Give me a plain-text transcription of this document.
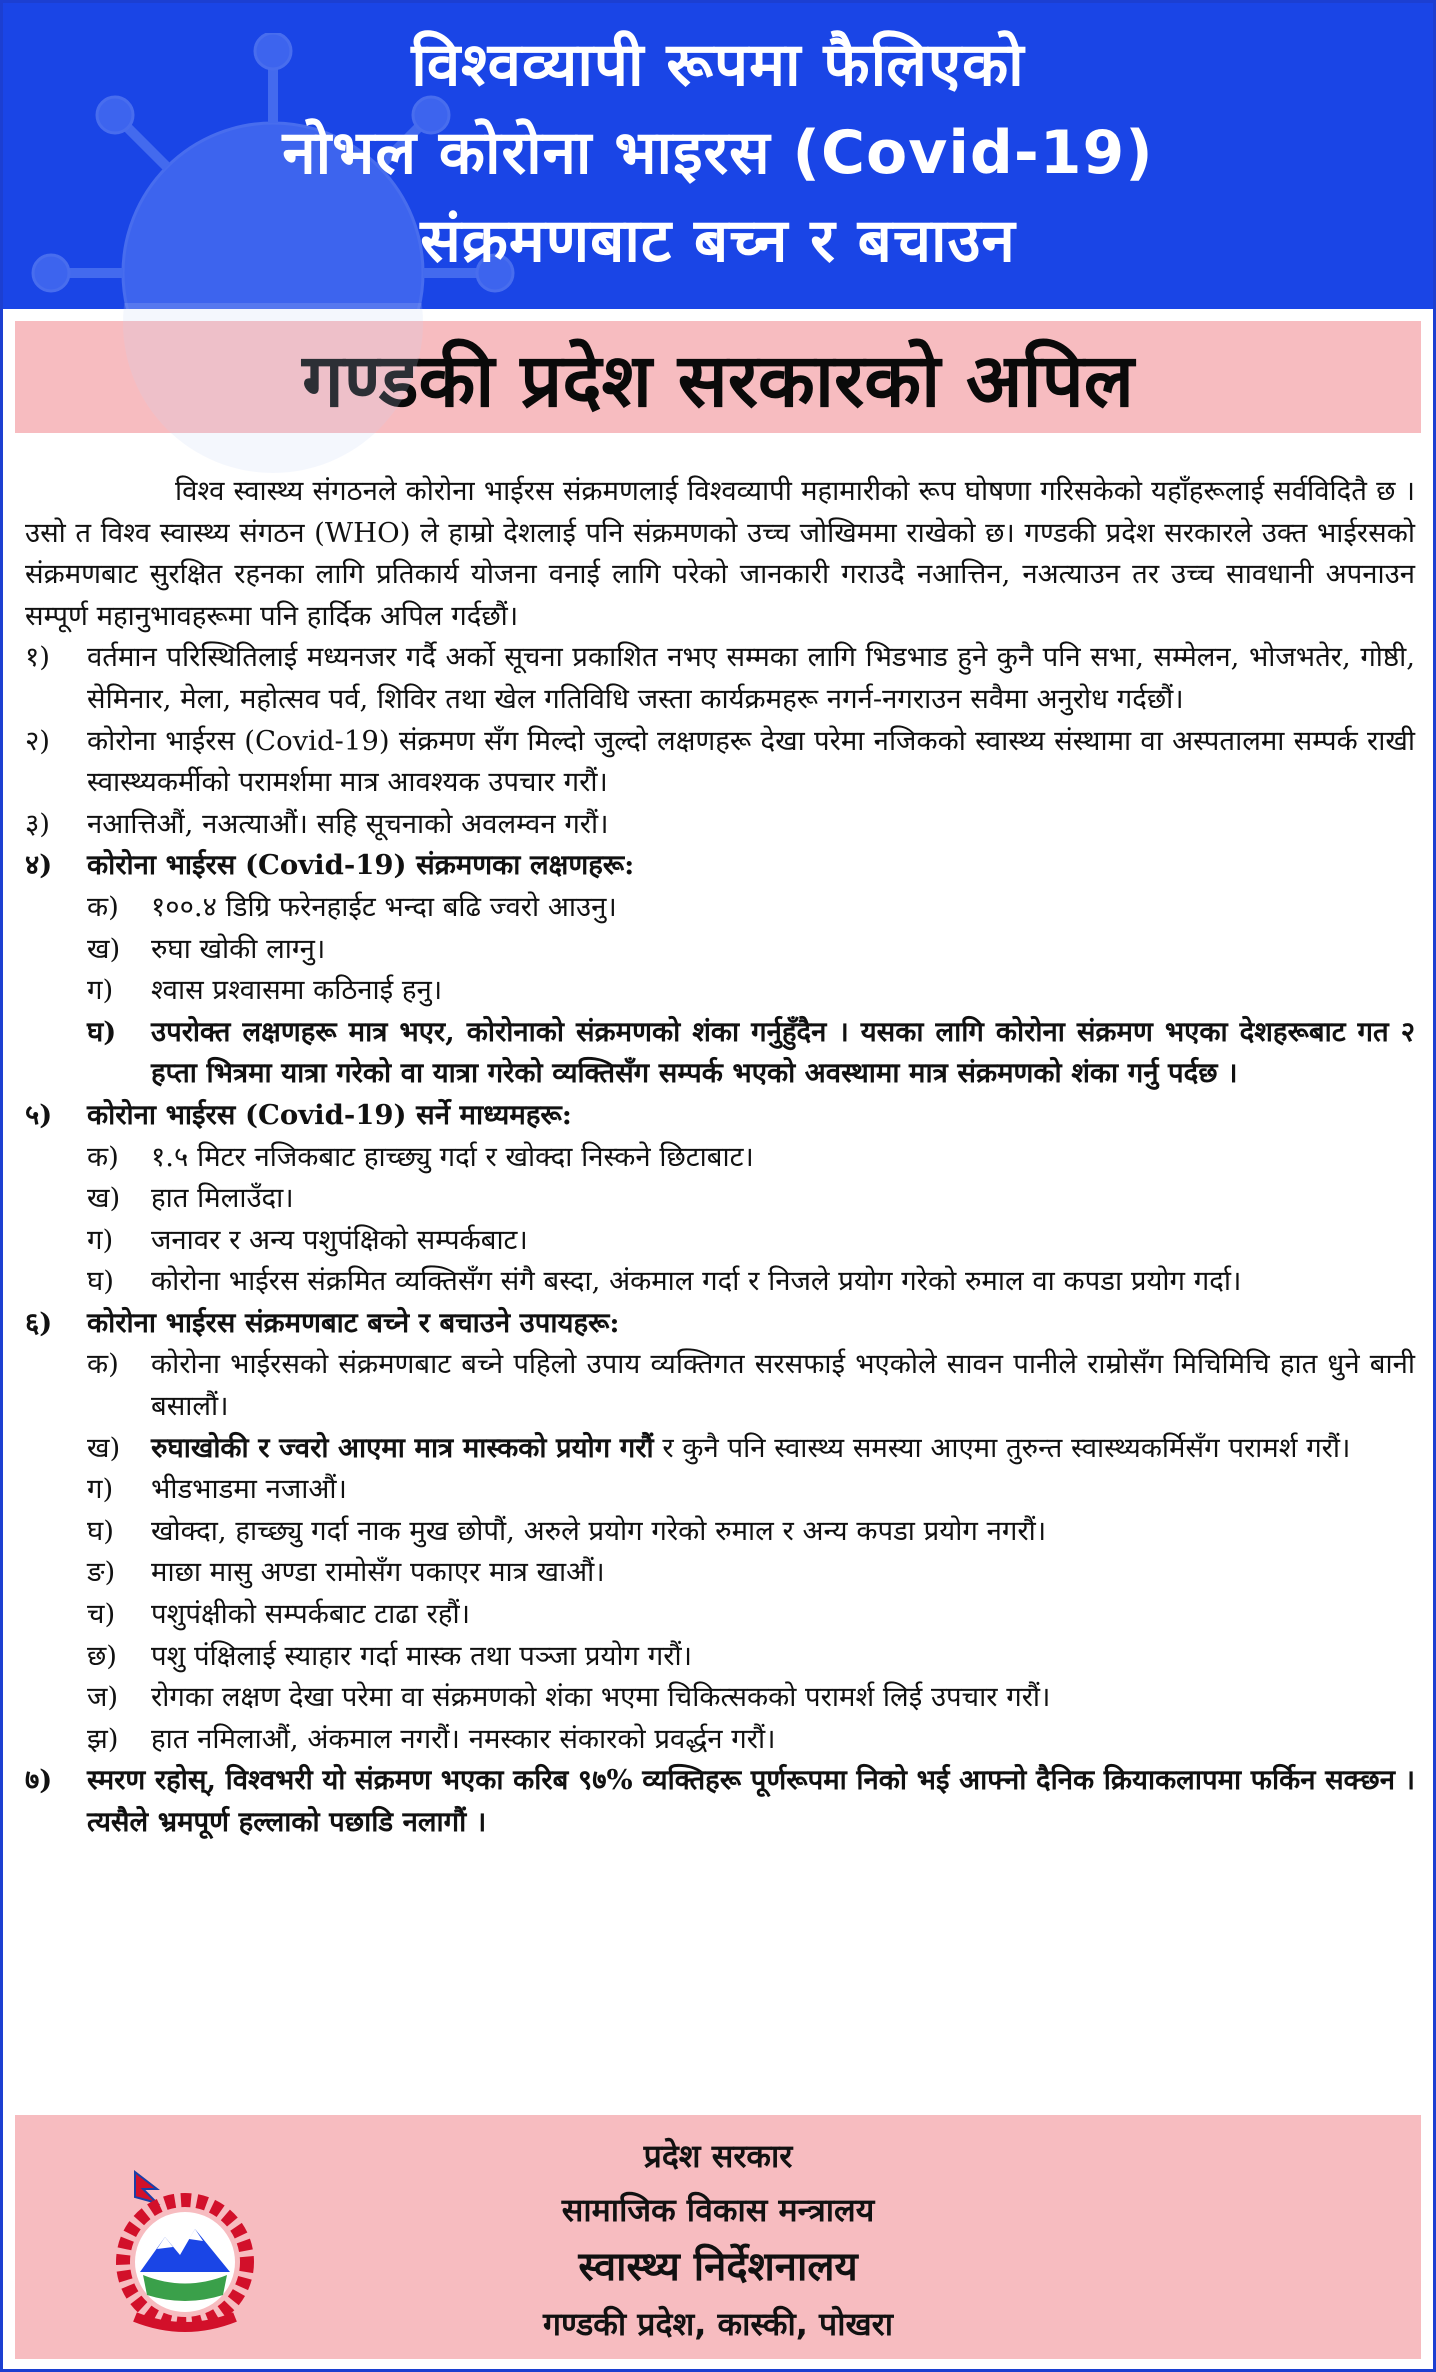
विश्वव्यापी रूपमा फैलिएको
नोभल कोरोना भाइरस (Covid-19)
संक्रमणबाट बच्न र बचाउन
गण्डकी प्रदेश सरकारको अपिल

विश्व स्वास्थ्य संगठनले कोरोना भाईरस संक्रमणलाई विश्वव्यापी महामारीको रूप घोषणा गरिसकेको यहाँहरूलाई सर्वविदितै छ । उसो त विश्व स्वास्थ्य संगठन (WHO) ले हाम्रो देशलाई पनि संक्रमणको उच्च जोखिममा राखेको छ। गण्डकी प्रदेश सरकारले उक्त भाईरसको संक्रमणबाट सुरक्षित रहनका लागि प्रतिकार्य योजना वनाई लागि परेको जानकारी गराउदै नआत्तिन, नअत्याउन तर उच्च सावधानी अपनाउन सम्पूर्ण महानुभावहरूमा पनि हार्दिक अपिल गर्दछौं।

१)	वर्तमान परिस्थितिलाई मध्यनजर गर्दै अर्को सूचना प्रकाशित नभए सम्मका लागि भिडभाड हुने कुनै पनि सभा, सम्मेलन, भोजभतेर, गोष्ठी, सेमिनार, मेला, महोत्सव पर्व, शिविर तथा खेल गतिविधि जस्ता कार्यक्रमहरू नगर्न-नगराउन सवैमा अनुरोध गर्दछौं।
२)	कोरोना भाईरस (Covid-19) संक्रमण सँग मिल्दो जुल्दो लक्षणहरू देखा परेमा नजिकको स्वास्थ्य संस्थामा वा अस्पतालमा सम्पर्क राखी स्वास्थ्यकर्मीको परामर्शमा मात्र आवश्यक उपचार गरौं।
३)	नआत्तिऔं, नअत्याऔं। सहि सूचनाको अवलम्वन गरौं।
४)	कोरोना भाईरस (Covid-19) संक्रमणका लक्षणहरू:
क)	१००.४ डिग्रि फरेनहाईट भन्दा बढि ज्वरो आउनु।
ख)	रुघा खोकी लाग्नु।
ग)	श्वास प्रश्वासमा कठिनाई हनु।
घ)	उपरोक्त लक्षणहरू मात्र भएर, कोरोनाको संक्रमणको शंका गर्नुहुँदैन । यसका लागि कोरोना संक्रमण भएका देशहरूबाट गत २ हप्ता भित्रमा यात्रा गरेको वा यात्रा गरेको व्यक्तिसँग सम्पर्क भएको अवस्थामा मात्र संक्रमणको शंका गर्नु पर्दछ ।
५)	कोरोना भाईरस (Covid-19) सर्ने माध्यमहरू:
क)	१.५ मिटर नजिकबाट हाच्छ्यु गर्दा र खोक्दा निस्कने छिटाबाट।
ख)	हात मिलाउँदा।
ग)	जनावर र अन्य पशुपंक्षिको सम्पर्कबाट।
घ)	कोरोना भाईरस संक्रमित व्यक्तिसँग संगै बस्दा, अंकमाल गर्दा र निजले प्रयोग गरेको रुमाल वा कपडा प्रयोग गर्दा।
६)	कोरोना भाईरस संक्रमणबाट बच्ने र बचाउने उपायहरू:
क)	कोरोना भाईरसको संक्रमणबाट बच्ने पहिलो उपाय व्यक्तिगत सरसफाई भएकोले सावन पानीले राम्रोसँग मिचिमिचि हात धुने बानी बसालौं।
ख)	रुघाखोकी र ज्वरो आएमा मात्र मास्कको प्रयोग गरौं र कुनै पनि स्वास्थ्य समस्या आएमा तुरुन्त स्वास्थ्यकर्मिसँग परामर्श गरौं।
ग)	भीडभाडमा नजाऔं।
घ)	खोक्दा, हाच्छ्यु गर्दा नाक मुख छोपौं, अरुले प्रयोग गरेको रुमाल र अन्य कपडा प्रयोग नगरौं।
ङ)	माछा मासु अण्डा रामोसँग पकाएर मात्र खाऔं।
च)	पशुपंक्षीको सम्पर्कबाट टाढा रहौं।
छ)	पशु पंक्षिलाई स्याहार गर्दा मास्क तथा पञ्जा प्रयोग गरौं।
ज)	रोगका लक्षण देखा परेमा वा संक्रमणको शंका भएमा चिकित्सकको परामर्श लिई उपचार गरौं।
झ)	हात नमिलाऔं, अंकमाल नगरौं। नमस्कार संकारको प्रवर्द्धन गरौं।
७)	स्मरण रहोस्, विश्वभरी यो संक्रमण भएका करिब ९७% व्यक्तिहरू पूर्णरूपमा निको भई आफ्नो दैनिक क्रियाकलापमा फर्किन सक्छन । त्यसैले भ्रमपूर्ण हल्लाको पछाडि नलागौं ।
प्रदेश सरकार
सामाजिक विकास मन्त्रालय
स्वास्थ्य निर्देशनालय
गण्डकी प्रदेश, कास्की, पोखरा
